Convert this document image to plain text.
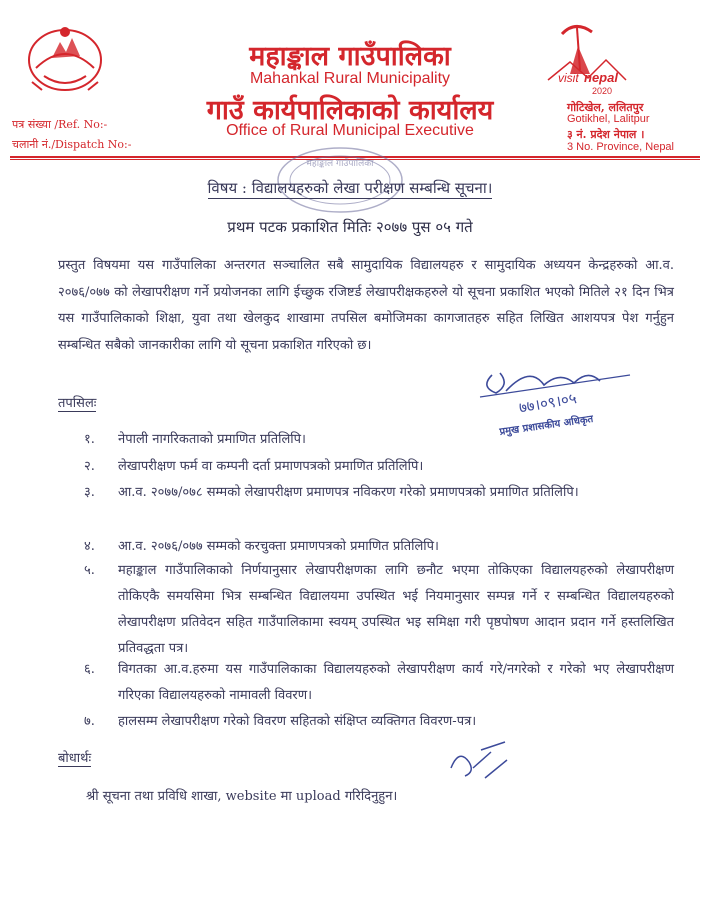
महाङ्काल गाउँपालिका
Mahankal Rural Municipality
गाउँ कार्यपालिकाको कार्यालय
Office of Rural Municipal Executive
पत्र संख्या /Ref. No:-
चलानी नं./Dispatch No:-
visit nepal
2020
गोटिखेल, ललितपुर
Gotikhel, Lalitpur
३ नं. प्रदेश नेपाल ।
3 No. Province, Nepal
महाङ्काल गाउँपालिका
विषय : विद्यालयहरुको लेखा परीक्षण सम्बन्धि सूचना।
प्रथम पटक प्रकाशित मितिः २०७७ पुस ०५ गते
प्रस्तुत विषयमा यस गाउँपालिका अन्तरगत सञ्चालित सबै सामुदायिक विद्यालयहरु र सामुदायिक अध्ययन केन्द्रहरुको आ.व. २०७६/०७७ को लेखापरीक्षण गर्ने प्रयोजनका लागि ईच्छुक रजिष्टर्ड लेखापरीक्षकहरुले यो सूचना प्रकाशित भएको मितिले २१ दिन भित्र यस गाउँपालिकाको शिक्षा, युवा तथा खेलकुद शाखामा तपसिल बमोजिमका कागजातहरु सहित लिखित आशयपत्र पेश गर्नुहुन सम्बन्धित सबैको जानकारीका लागि यो सूचना प्रकाशित गरिएको छ।
७७।०९।०५
प्रमुख प्रशासकीय अधिकृत
तपसिलः
१.	नेपाली नागरिकताको प्रमाणित प्रतिलिपि।
२.	लेखापरीक्षण फर्म वा कम्पनी दर्ता प्रमाणपत्रको प्रमाणित प्रतिलिपि।
३.	आ.व. २०७७/०७८ सम्मको लेखापरीक्षण प्रमाणपत्र नविकरण गरेको प्रमाणपत्रको प्रमाणित प्रतिलिपि।
४.	आ.व. २०७६/०७७ सम्मको करचुक्ता प्रमाणपत्रको प्रमाणित प्रतिलिपि।
५.	महाङ्काल गाउँपालिकाको निर्णयानुसार लेखापरीक्षणका लागि छनौट भएमा तोकिएका विद्यालयहरुको लेखापरीक्षण तोकिएकै समयसिमा भित्र सम्बन्धित विद्यालयमा उपस्थित भई नियमानुसार सम्पन्न गर्ने र सम्बन्धित विद्यालयहरुको लेखापरीक्षण प्रतिवेदन सहित गाउँपालिकामा स्वयम् उपस्थित भइ समिक्षा गरी पृष्ठपोषण आदान प्रदान गर्ने हस्तलिखित प्रतिवद्धता पत्र।
६.	विगतका आ.व.हरुमा यस गाउँपालिकाका विद्यालयहरुको लेखापरीक्षण कार्य गरे/नगरेको र गरेको भए लेखापरीक्षण गरिएका विद्यालयहरुको नामावली विवरण।
७.	हालसम्म लेखापरीक्षण गरेको विवरण सहितको संक्षिप्त व्यक्तिगत विवरण-पत्र।
बोधार्थः
श्री सूचना तथा प्रविधि शाखा, website मा upload गरिदिनुहुन।
